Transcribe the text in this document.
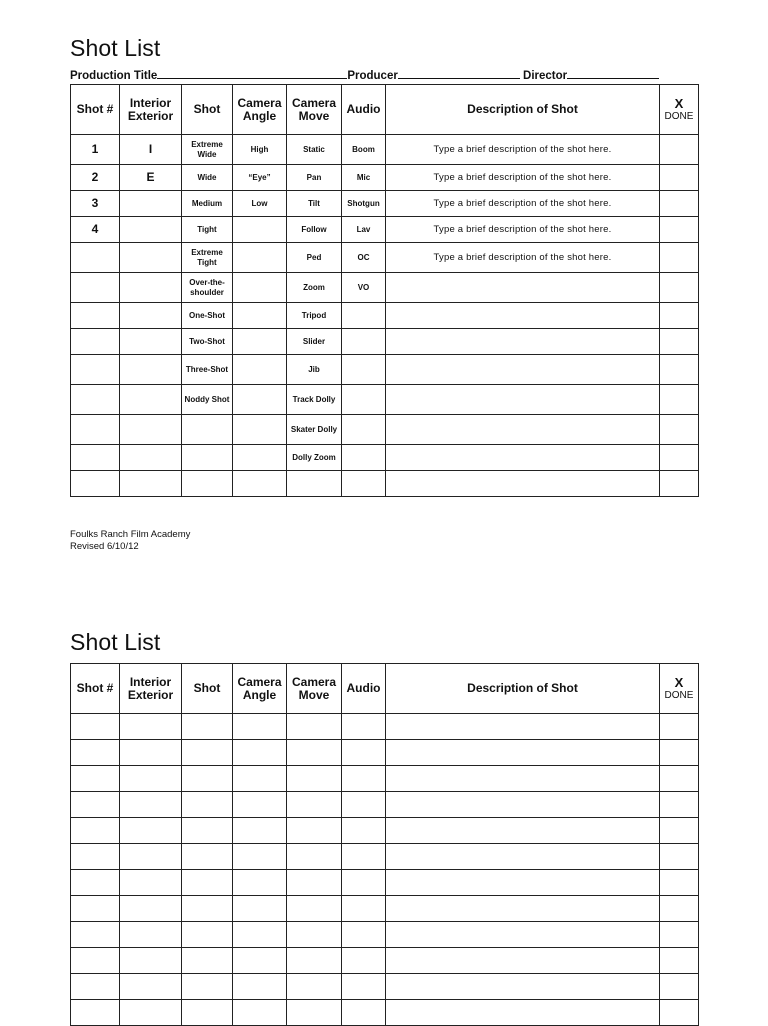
Shot List
Production Title	Producer	Director
Shot #	Interior Exterior	Shot	Camera Angle	Camera Move	Audio	Description of Shot	X
DONE
1	I	Extreme Wide	High	Static	Boom	Type a brief description of the shot here.	
2	E	Wide	“Eye”	Pan	Mic	Type a brief description of the shot here.	
3		Medium	Low	Tilt	Shotgun	Type a brief description of the shot here.	
4		Tight		Follow	Lav	Type a brief description of the shot here.	
		Extreme Tight		Ped	OC	Type a brief description of the shot here.	
		Over-the-shoulder		Zoom	VO		
		One-Shot		Tripod			
		Two-Shot		Slider			
		Three-Shot		Jib			
		Noddy Shot		Track Dolly			
				Skater Dolly			
				Dolly Zoom			

Foulks Ranch Film Academy
Revised 6/10/12
Shot List
Shot #	Interior Exterior	Shot	Camera Angle	Camera Move	Audio	Description of Shot	X
DONE
